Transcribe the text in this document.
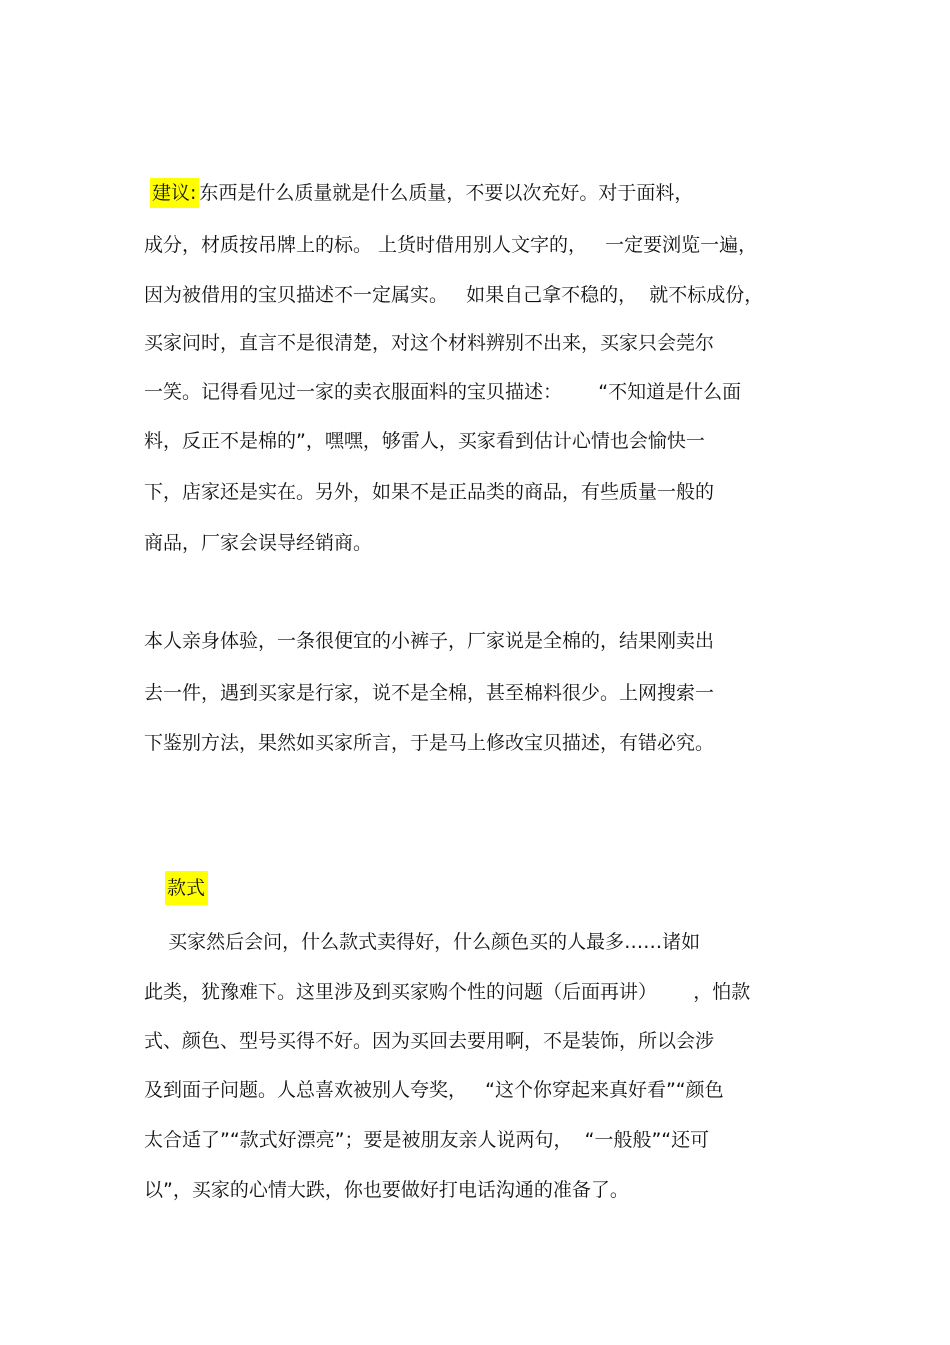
建议: 东西是什么质量就是什么质量，不要以次充好。对于面料，

成分，材质按吊牌上的标。 上货时借用别人文字的，   一定要浏览一遍，

因为被借用的宝贝描述不一定属实。   如果自己拿不稳的，  就不标成份，

买家问时，直言不是很清楚，对这个材料辨别不出来，买家只会莞尔

一笑。记得看见过一家的卖衣服面料的宝贝描述：      “不知道是什么面

料，反正不是棉的”，嘿嘿，够雷人，买家看到估计心情也会愉快一

下，店家还是实在。另外，如果不是正品类的商品，有些质量一般的

商品，厂家会误导经销商。

本人亲身体验，一条很便宜的小裤子，厂家说是全棉的，结果刚卖出

去一件，遇到买家是行家，说不是全棉，甚至棉料很少。上网搜索一

下鉴别方法，果然如买家所言，于是马上修改宝贝描述，有错必究。

款式

买家然后会问，什么款式卖得好，什么颜色买的人最多……诸如

此类，犹豫难下。这里涉及到买家购个性的问题（后面再讲）      ，怕款

式、颜色、型号买得不好。因为买回去要用啊，不是装饰，所以会涉

及到面子问题。人总喜欢被别人夸奖，   “这个你穿起来真好看”“颜色

太合适了”“款式好漂亮”；要是被朋友亲人说两句，  “一般般”“还可

以”，买家的心情大跌，你也要做好打电话沟通的准备了。
